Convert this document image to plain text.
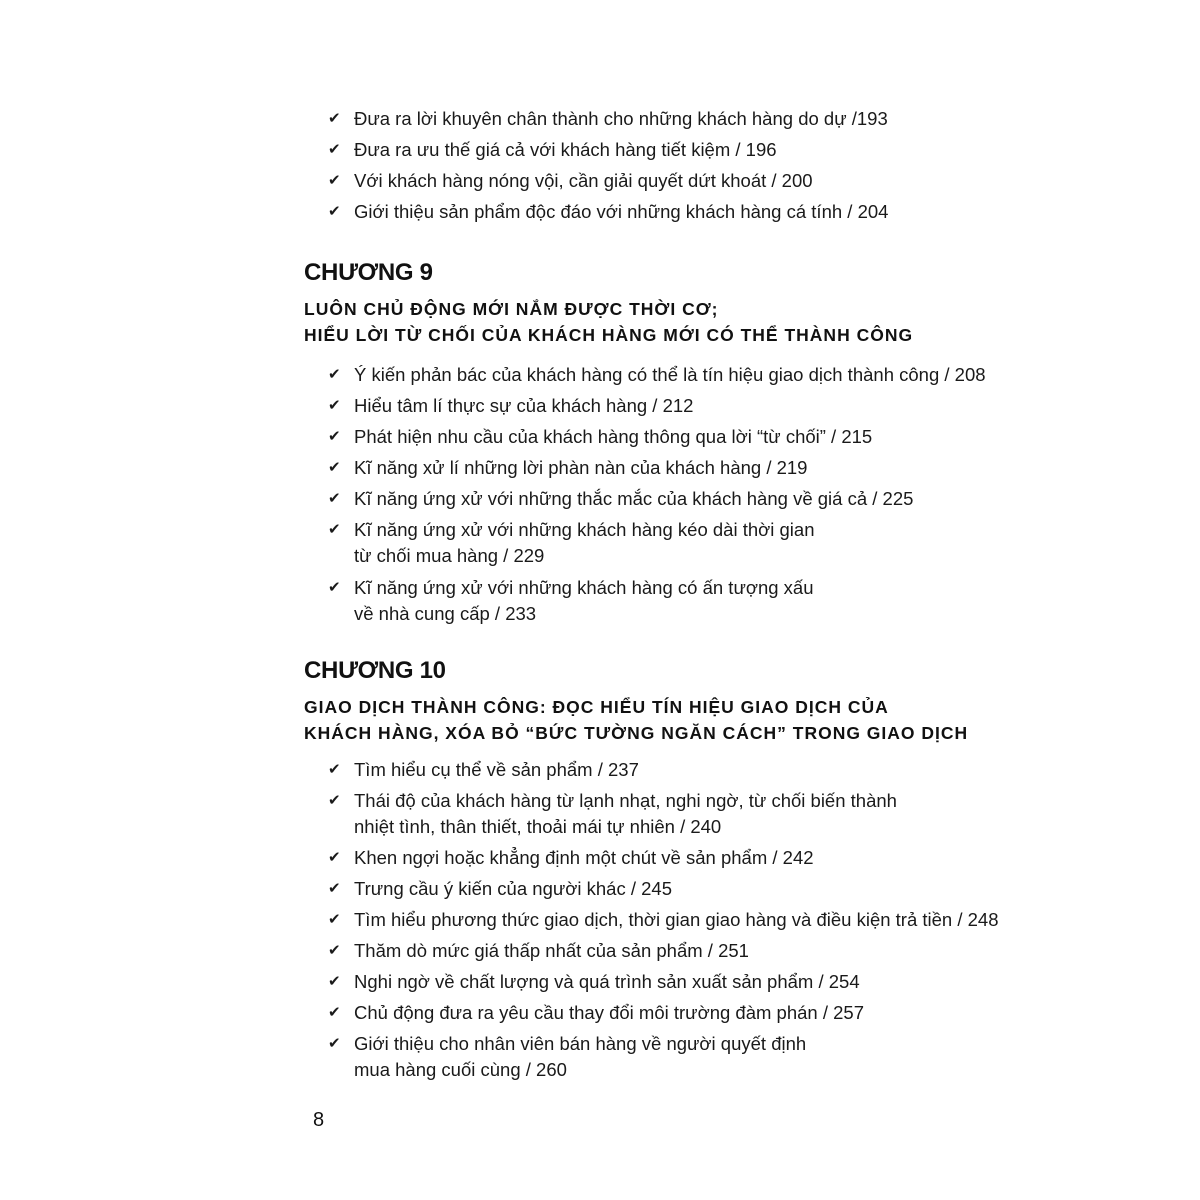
✔ Đưa ra lời khuyên chân thành cho những khách hàng do dự /193
✔ Đưa ra ưu thế giá cả với khách hàng tiết kiệm / 196
✔ Với khách hàng nóng vội, cần giải quyết dứt khoát / 200
✔ Giới thiệu sản phẩm độc đáo với những khách hàng cá tính / 204
CHƯƠNG 9
LUÔN CHỦ ĐỘNG MỚI NẮM ĐƯỢC THỜI CƠ;
HIỂU LỜI TỪ CHỐI CỦA KHÁCH HÀNG MỚI CÓ THỂ THÀNH CÔNG
✔ Ý kiến phản bác của khách hàng có thể là tín hiệu giao dịch thành công / 208
✔ Hiểu tâm lí thực sự của khách hàng / 212
✔ Phát hiện nhu cầu của khách hàng thông qua lời “từ chối” / 215
✔ Kĩ năng xử lí những lời phàn nàn của khách hàng / 219
✔ Kĩ năng ứng xử với những thắc mắc của khách hàng về giá cả / 225
✔ Kĩ năng ứng xử với những khách hàng kéo dài thời gian
từ chối mua hàng / 229
✔ Kĩ năng ứng xử với những khách hàng có ấn tượng xấu
về nhà cung cấp / 233
CHƯƠNG 10
GIAO DỊCH THÀNH CÔNG: ĐỌC HIỂU TÍN HIỆU GIAO DỊCH CỦA
KHÁCH HÀNG, XÓA BỎ “BỨC TƯỜNG NGĂN CÁCH” TRONG GIAO DỊCH
✔ Tìm hiểu cụ thể về sản phẩm / 237
✔ Thái độ của khách hàng từ lạnh nhạt, nghi ngờ, từ chối biến thành
nhiệt tình, thân thiết, thoải mái tự nhiên / 240
✔ Khen ngợi hoặc khẳng định một chút về sản phẩm / 242
✔ Trưng cầu ý kiến của người khác / 245
✔ Tìm hiểu phương thức giao dịch, thời gian giao hàng và điều kiện trả tiền / 248
✔ Thăm dò mức giá thấp nhất của sản phẩm / 251
✔ Nghi ngờ về chất lượng và quá trình sản xuất sản phẩm / 254
✔ Chủ động đưa ra yêu cầu thay đổi môi trường đàm phán / 257
✔ Giới thiệu cho nhân viên bán hàng về người quyết định
mua hàng cuối cùng / 260
8
